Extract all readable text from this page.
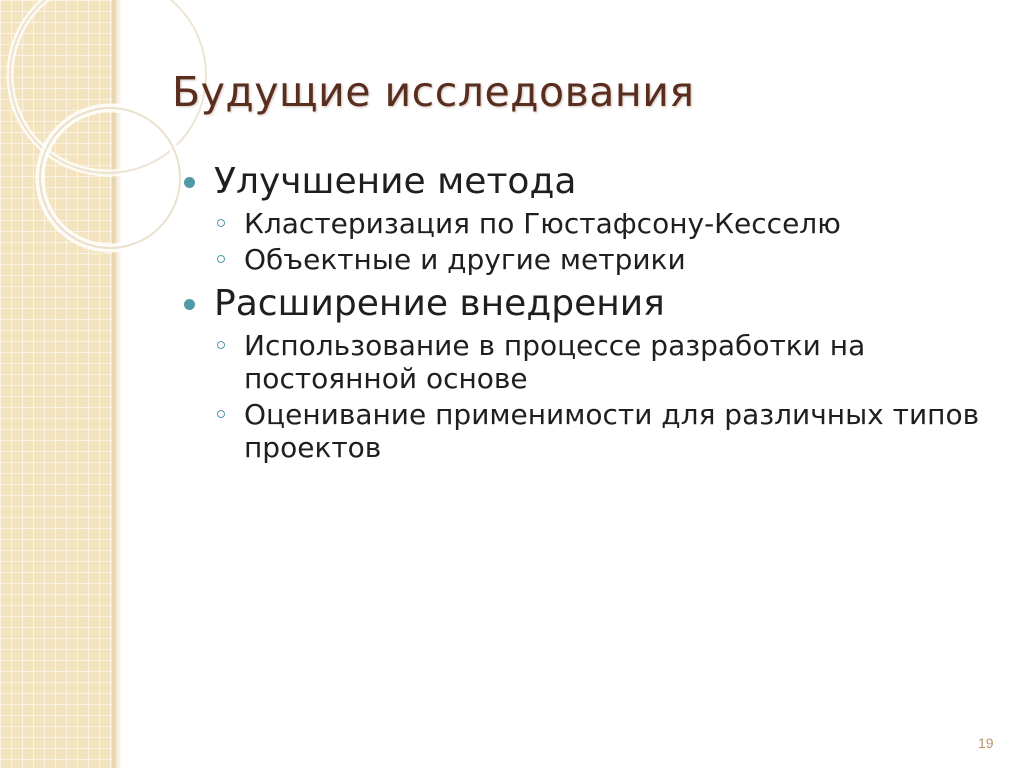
Будущие исследования
Улучшение метода
Кластеризация по Гюстафсону-Кесселю
Объектные и другие метрики
Расширение внедрения
Использование в процессе разработки на постоянной основе
Оценивание применимости для различных типов проектов
19
